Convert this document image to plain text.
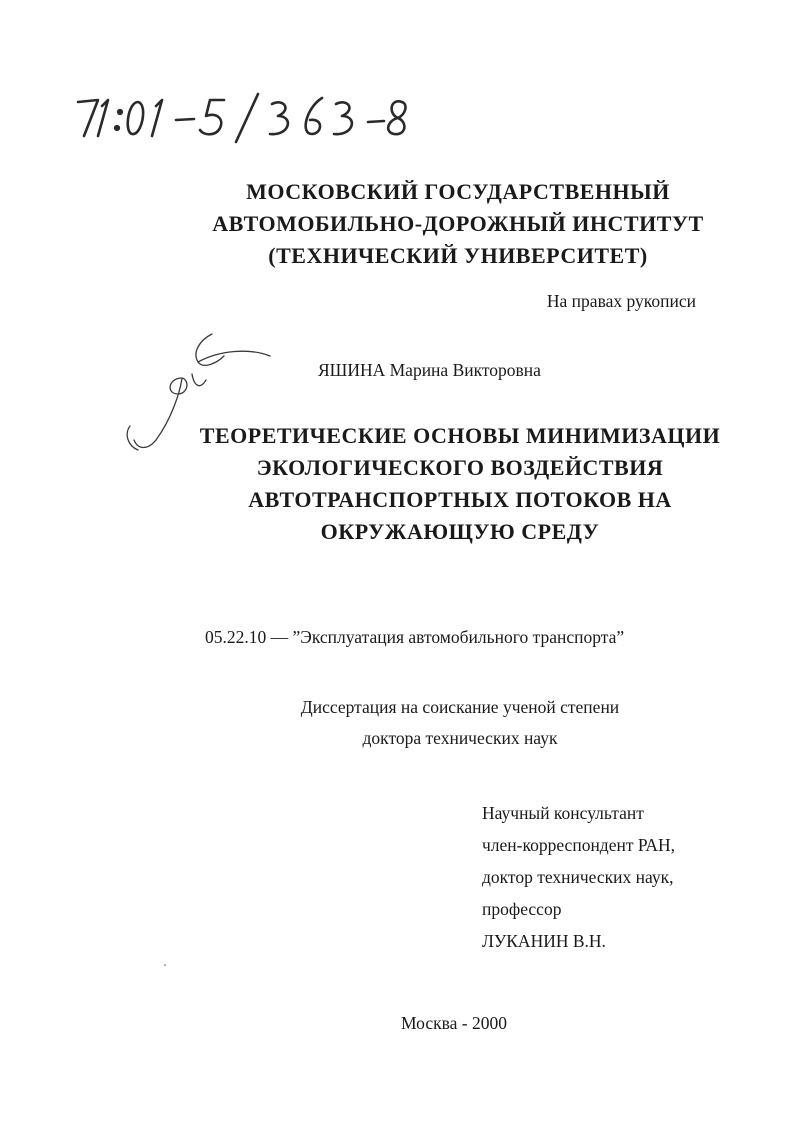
МОСКОВСКИЙ ГОСУДАРСТВЕННЫЙ
АВТОМОБИЛЬНО-ДОРОЖНЫЙ ИНСТИТУТ
(ТЕХНИЧЕСКИЙ УНИВЕРСИТЕТ)
На правах рукописи
ЯШИНА Марина Викторовна
ТЕОРЕТИЧЕСКИЕ ОСНОВЫ МИНИМИЗАЦИИ
ЭКОЛОГИЧЕСКОГО ВОЗДЕЙСТВИЯ
АВТОТРАНСПОРТНЫХ ПОТОКОВ НА
ОКРУЖАЮЩУЮ СРЕДУ
05.22.10 — ”Эксплуатация автомобильного транспорта”
Диссертация на соискание ученой степени
доктора технических наук
Научный консультант
член-корреспондент РАН,
доктор технических наук,
профессор
ЛУКАНИН В.Н.
Москва - 2000
